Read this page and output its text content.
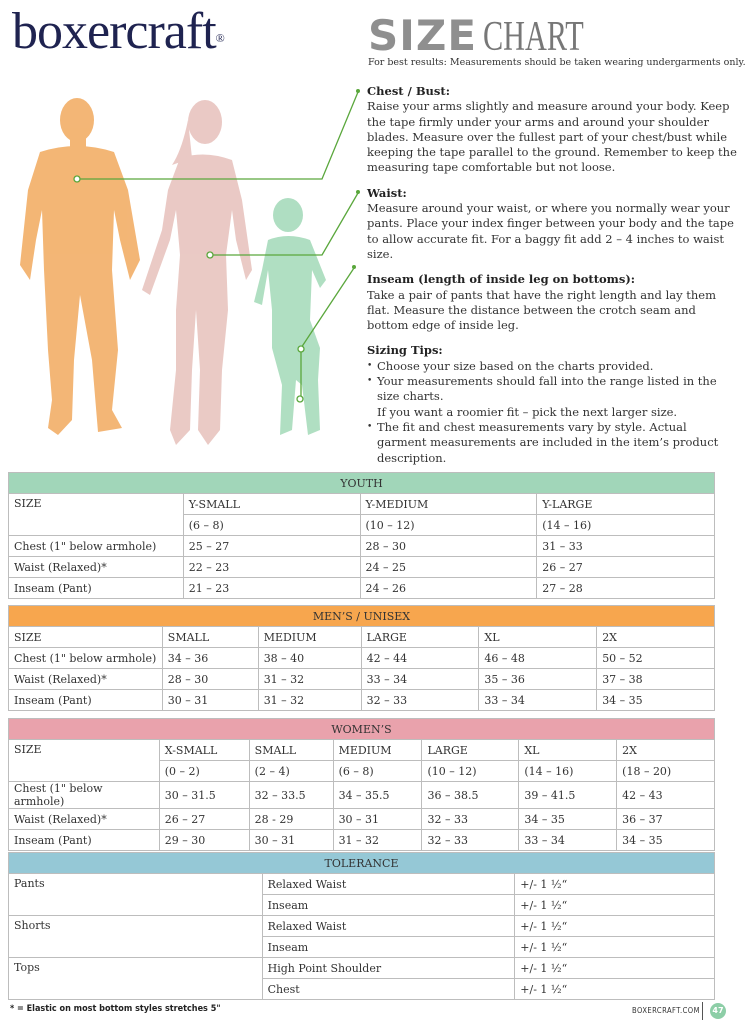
boxercraft®	SIZE CHART
For best results: Measurements should be taken wearing undergarments only.
Chest / Bust:

Raise your arms slightly and measure around your body. Keep the tape firmly under your arms and around your shoulder blades. Measure over the fullest part of your chest/bust while keeping the tape parallel to the ground. Remember to keep the measuring tape comfortable but not loose.

Waist:

Measure around your waist, or where you normally wear your pants. Place your index finger between your body and the tape to allow accurate fit. For a baggy fit add 2 – 4 inches to waist size.

Inseam (length of inside leg on bottoms):

Take a pair of pants that have the right length and lay them flat. Measure the distance between the crotch seam and bottom edge of inside leg.

Sizing Tips:
• Choose your size based on the charts provided.
• Your measurements should fall into the range listed in the size charts.
If you want a roomier fit – pick the next larger size.
• The fit and chest measurements vary by style. Actual garment measurements are included in the item’s product description.
YOUTH			
SIZE	Y-SMALL	Y-MEDIUM	Y-LARGE
	(6 – 8)	(10 – 12)	(14 – 16)
Chest (1" below armhole)	25 – 27	28 – 30	31 – 33
Waist (Relaxed)*	22 – 23	24 – 25	26 – 27
Inseam (Pant)	21 – 23	24 – 26	27 – 28
MEN’S / UNISEX					
SIZE	SMALL	MEDIUM	LARGE	XL	2X
Chest (1" below armhole)	34 – 36	38 – 40	42 – 44	46 – 48	50 – 52
Waist (Relaxed)*	28 – 30	31 – 32	33 – 34	35 – 36	37 – 38
Inseam (Pant)	30 – 31	31 – 32	32 – 33	33 – 34	34 – 35
WOMEN’S						
SIZE	X-SMALL	SMALL	MEDIUM	LARGE	XL	2X
	(0 – 2)	(2 – 4)	(6 – 8)	(10 – 12)	(14 – 16)	(18 – 20)
Chest (1" below armhole)	30 – 31.5	32 – 33.5	34 – 35.5	36 – 38.5	39 – 41.5	42 – 43
Waist (Relaxed)*	26 – 27	28 - 29	30 – 31	32 – 33	34 – 35	36 – 37
Inseam (Pant)	29 – 30	30 – 31	31 – 32	32 – 33	33 – 34	34 – 35
TOLERANCE		
Pants	Relaxed Waist	+/- 1 ½“
	Inseam	+/- 1 ½“
Shorts	Relaxed Waist	+/- 1 ½“
	Inseam	+/- 1 ½“
Tops	High Point Shoulder	+/- 1 ½“
	Chest	+/- 1 ½“
* = Elastic on most bottom styles stretches 5"	BOXERCRAFT.COM	47
